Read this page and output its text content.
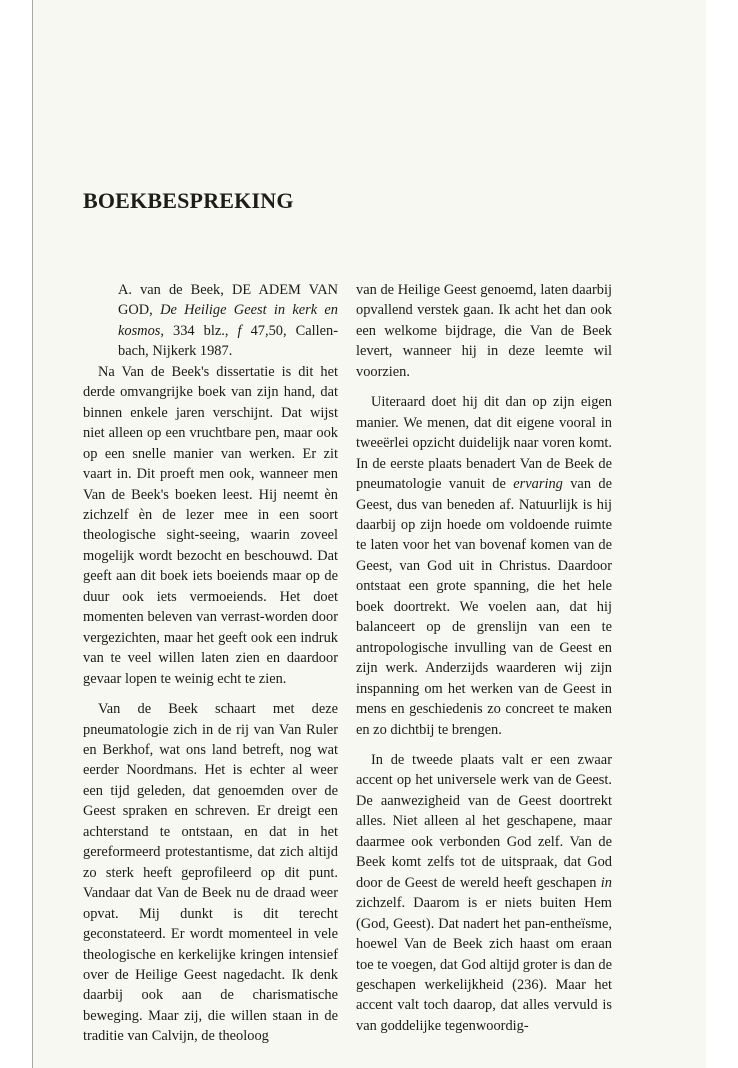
BOEKBESPREKING

A. van de Beek, DE ADEM VAN GOD, De Heilige Geest in kerk en kosmos, 334 blz., f 47,50, Callen- bach, Nijkerk 1987.

Na Van de Beek's dissertatie is dit het derde omvangrijke boek van zijn hand, dat binnen enkele jaren verschijnt. Dat wijst niet alleen op een vruchtbare pen, maar ook op een snelle manier van werken. Er zit vaart in. Dit proeft men ook, wanneer men Van de Beek's boeken leest. Hij neemt èn zichzelf èn de lezer mee in een soort theologische sight-seeing, waarin zoveel mogelijk wordt bezocht en beschouwd. Dat geeft aan dit boek iets boeiends maar op de duur ook iets vermoeiends. Het doet momenten beleven van verrast-worden door vergezichten, maar het geeft ook een indruk van te veel willen laten zien en daardoor gevaar lopen te weinig echt te zien.

Van de Beek schaart met deze pneumatologie zich in de rij van Van Ruler en Berkhof, wat ons land betreft, nog wat eerder Noordmans. Het is echter al weer een tijd geleden, dat genoemden over de Geest spraken en schreven. Er dreigt een achterstand te ontstaan, en dat in het gereformeerd protestantisme, dat zich altijd zo sterk heeft geprofileerd op dit punt. Vandaar dat Van de Beek nu de draad weer opvat. Mij dunkt is dit terecht geconstateerd. Er wordt momenteel in vele theologische en kerkelijke kringen intensief over de Heilige Geest nagedacht. Ik denk daarbij ook aan de charismatische beweging. Maar zij, die willen staan in de traditie van Calvijn, de theoloog

van de Heilige Geest genoemd, laten daarbij opvallend verstek gaan. Ik acht het dan ook een welkome bijdrage, die Van de Beek levert, wanneer hij in deze leemte wil voorzien.

Uiteraard doet hij dit dan op zijn eigen manier. We menen, dat dit eigene vooral in tweeërlei opzicht duidelijk naar voren komt. In de eerste plaats benadert Van de Beek de pneumatologie vanuit de ervaring van de Geest, dus van beneden af. Natuurlijk is hij daarbij op zijn hoede om voldoende ruimte te laten voor het van bovenaf komen van de Geest, van God uit in Christus. Daardoor ontstaat een grote spanning, die het hele boek doortrekt. We voelen aan, dat hij balanceert op de grenslijn van een te antropologische invulling van de Geest en zijn werk. Anderzijds waarderen wij zijn inspanning om het werken van de Geest in mens en geschiedenis zo concreet te maken en zo dichtbij te brengen.

In de tweede plaats valt er een zwaar accent op het universele werk van de Geest. De aanwezigheid van de Geest doortrekt alles. Niet alleen al het geschapene, maar daarmee ook verbonden God zelf. Van de Beek komt zelfs tot de uitspraak, dat God door de Geest de wereld heeft geschapen in zichzelf. Daarom is er niets buiten Hem (God, Geest). Dat nadert het pan-entheïsme, hoewel Van de Beek zich haast om eraan toe te voegen, dat God altijd groter is dan de geschapen werkelijkheid (236). Maar het accent valt toch daarop, dat alles vervuld is van goddelijke tegenwoordig-
